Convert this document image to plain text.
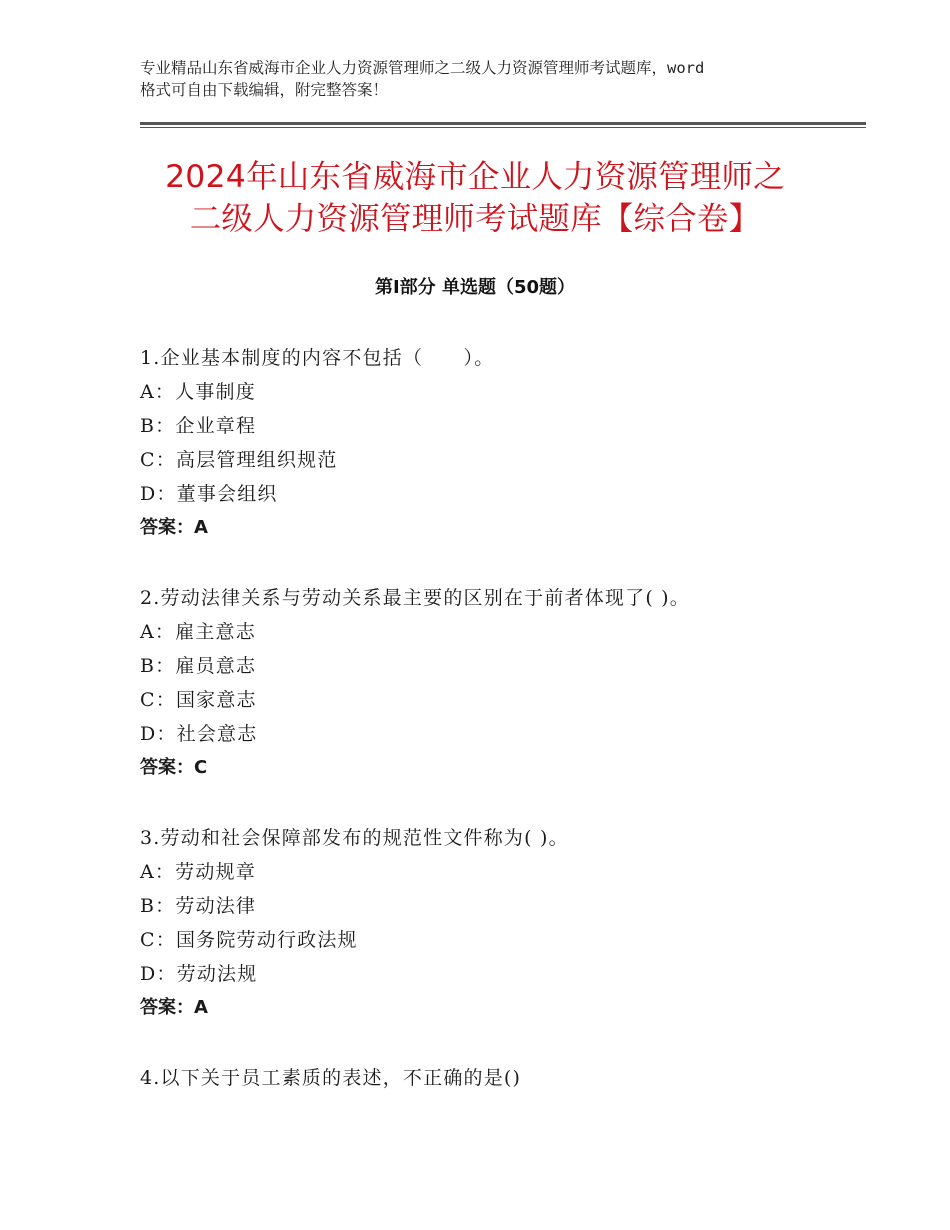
专业精品山东省威海市企业人力资源管理师之二级人力资源管理师考试题库，word
格式可自由下载编辑，附完整答案！
2024年山东省威海市企业人力资源管理师之
二级人力资源管理师考试题库【综合卷】
第Ⅰ部分 单选题（50题）
1.企业基本制度的内容不包括（　　）。
A：人事制度
B：企业章程
C：高层管理组织规范
D：董事会组织
答案：A
2.劳动法律关系与劳动关系最主要的区别在于前者体现了( )。
A：雇主意志
B：雇员意志
C：国家意志
D：社会意志
答案：C
3.劳动和社会保障部发布的规范性文件称为( )。
A：劳动规章
B：劳动法律
C：国务院劳动行政法规
D：劳动法规
答案：A
4.以下关于员工素质的表述，不正确的是()
